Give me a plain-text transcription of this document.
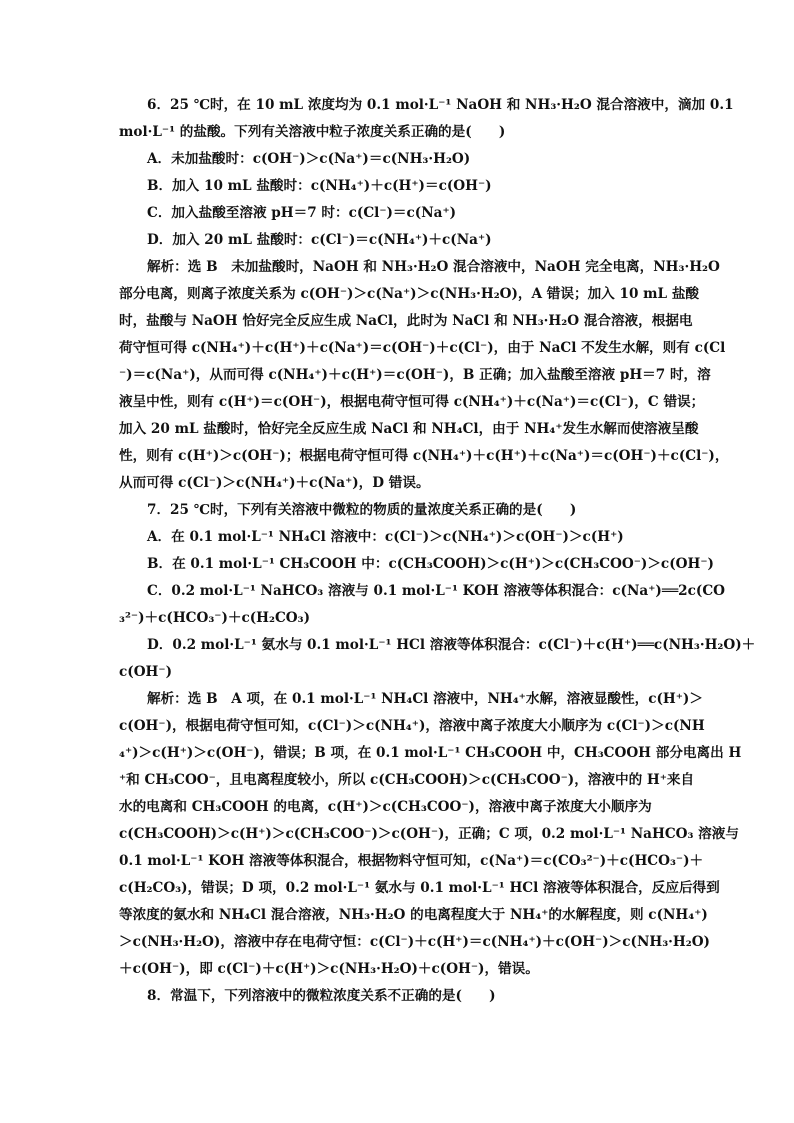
6．25 ℃时，在 10 mL 浓度均为 0.1 mol·L⁻¹ NaOH 和 NH₃·H₂O 混合溶液中，滴加 0.1
mol·L⁻¹ 的盐酸。下列有关溶液中粒子浓度关系正确的是(　　)
A．未加盐酸时：c(OH⁻)＞c(Na⁺)＝c(NH₃·H₂O)
B．加入 10 mL 盐酸时：c(NH₄⁺)＋c(H⁺)＝c(OH⁻)
C．加入盐酸至溶液 pH＝7 时：c(Cl⁻)＝c(Na⁺)
D．加入 20 mL 盐酸时：c(Cl⁻)＝c(NH₄⁺)＋c(Na⁺)
解析：选 B　未加盐酸时，NaOH 和 NH₃·H₂O 混合溶液中，NaOH 完全电离，NH₃·H₂O
部分电离，则离子浓度关系为 c(OH⁻)＞c(Na⁺)＞c(NH₃·H₂O)，A 错误；加入 10 mL 盐酸
时，盐酸与 NaOH 恰好完全反应生成 NaCl，此时为 NaCl 和 NH₃·H₂O 混合溶液，根据电
荷守恒可得 c(NH₄⁺)＋c(H⁺)＋c(Na⁺)＝c(OH⁻)＋c(Cl⁻)，由于 NaCl 不发生水解，则有 c(Cl
⁻)＝c(Na⁺)，从而可得 c(NH₄⁺)＋c(H⁺)＝c(OH⁻)，B 正确；加入盐酸至溶液 pH＝7 时，溶
液呈中性，则有 c(H⁺)＝c(OH⁻)，根据电荷守恒可得 c(NH₄⁺)＋c(Na⁺)＝c(Cl⁻)，C 错误；
加入 20 mL 盐酸时，恰好完全反应生成 NaCl 和 NH₄Cl，由于 NH₄⁺发生水解而使溶液呈酸
性，则有 c(H⁺)＞c(OH⁻)；根据电荷守恒可得 c(NH₄⁺)＋c(H⁺)＋c(Na⁺)＝c(OH⁻)＋c(Cl⁻)，
从而可得 c(Cl⁻)＞c(NH₄⁺)＋c(Na⁺)，D 错误。
7．25 ℃时，下列有关溶液中微粒的物质的量浓度关系正确的是(　　)
A．在 0.1 mol·L⁻¹ NH₄Cl 溶液中：c(Cl⁻)＞c(NH₄⁺)＞c(OH⁻)＞c(H⁺)
B．在 0.1 mol·L⁻¹ CH₃COOH 中：c(CH₃COOH)＞c(H⁺)＞c(CH₃COO⁻)＞c(OH⁻)
C．0.2 mol·L⁻¹ NaHCO₃ 溶液与 0.1 mol·L⁻¹ KOH 溶液等体积混合：c(Na⁺)══2c(CO
₃²⁻)＋c(HCO₃⁻)＋c(H₂CO₃)
D．0.2 mol·L⁻¹ 氨水与 0.1 mol·L⁻¹ HCl 溶液等体积混合：c(Cl⁻)＋c(H⁺)══c(NH₃·H₂O)＋
c(OH⁻)
解析：选 B　A 项，在 0.1 mol·L⁻¹ NH₄Cl 溶液中，NH₄⁺水解，溶液显酸性，c(H⁺)＞
c(OH⁻)，根据电荷守恒可知，c(Cl⁻)＞c(NH₄⁺)，溶液中离子浓度大小顺序为 c(Cl⁻)＞c(NH
₄⁺)＞c(H⁺)＞c(OH⁻)，错误；B 项，在 0.1 mol·L⁻¹ CH₃COOH 中，CH₃COOH 部分电离出 H
⁺和 CH₃COO⁻，且电离程度较小，所以 c(CH₃COOH)＞c(CH₃COO⁻)，溶液中的 H⁺来自
水的电离和 CH₃COOH 的电离，c(H⁺)＞c(CH₃COO⁻)，溶液中离子浓度大小顺序为
c(CH₃COOH)＞c(H⁺)＞c(CH₃COO⁻)＞c(OH⁻)，正确；C 项，0.2 mol·L⁻¹ NaHCO₃ 溶液与
0.1 mol·L⁻¹ KOH 溶液等体积混合，根据物料守恒可知，c(Na⁺)＝c(CO₃²⁻)＋c(HCO₃⁻)＋
c(H₂CO₃)，错误；D 项，0.2 mol·L⁻¹ 氨水与 0.1 mol·L⁻¹ HCl 溶液等体积混合，反应后得到
等浓度的氨水和 NH₄Cl 混合溶液，NH₃·H₂O 的电离程度大于 NH₄⁺的水解程度，则 c(NH₄⁺)
＞c(NH₃·H₂O)，溶液中存在电荷守恒：c(Cl⁻)＋c(H⁺)＝c(NH₄⁺)＋c(OH⁻)＞c(NH₃·H₂O)
＋c(OH⁻)，即 c(Cl⁻)＋c(H⁺)＞c(NH₃·H₂O)＋c(OH⁻)，错误。
8．常温下，下列溶液中的微粒浓度关系不正确的是(　　)
